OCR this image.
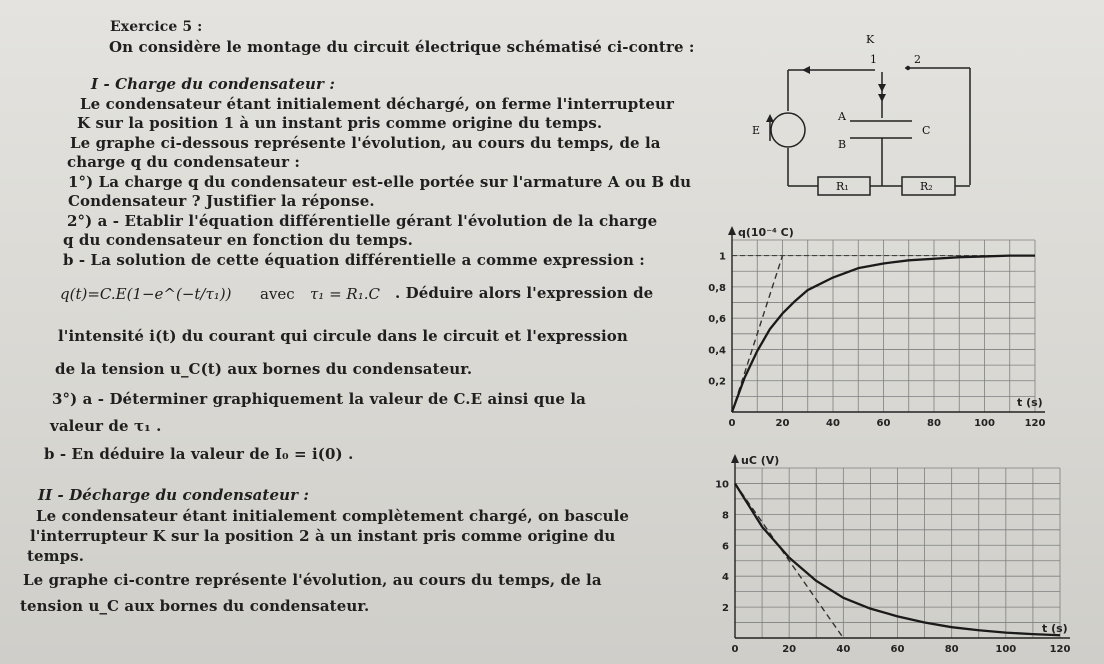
Exercice 5 :
On considère le montage du circuit électrique schématisé ci-contre :
I - Charge du condensateur :
Le condensateur étant initialement déchargé, on ferme l'interrupteur
K sur la position 1 à un instant pris comme origine du temps.
Le graphe ci-dessous représente l'évolution, au cours du temps, de la
charge q du condensateur :
1°) La charge q du condensateur est-elle portée sur l'armature A ou B du
Condensateur ? Justifier la réponse.
2°) a - Etablir l'équation différentielle gérant l'évolution de la charge
q du condensateur en fonction du temps.
b - La solution de cette équation différentielle a comme expression :
q(t)=C.E(1−e^(−t/τ₁)) avec τ₁ = R₁.C . Déduire alors l'expression de
l'intensité i(t) du courant qui circule dans le circuit et l'expression
de la tension u_C(t) aux bornes du condensateur.
3°) a - Déterminer graphiquement la valeur de C.E ainsi que la
valeur de τ₁ .
b - En déduire la valeur de I₀ = i(0) .
II - Décharge du condensateur :
Le condensateur étant initialement complètement chargé, on bascule
l'interrupteur K sur la position 2 à un instant pris comme origine du
temps.
Le graphe ci-contre représente l'évolution, au cours du temps, de la
tension u_C aux bornes du condensateur.
K
1	2
E
A
B
C
R₁	R₂
0	20	40	60	80	100	120
0,2
0,4
0,6
0,8
1
q(10⁻⁴ C)
t (s)
0	20	40	60	80	100	120
2
4
6
8
10
uC (V)
t (s)
